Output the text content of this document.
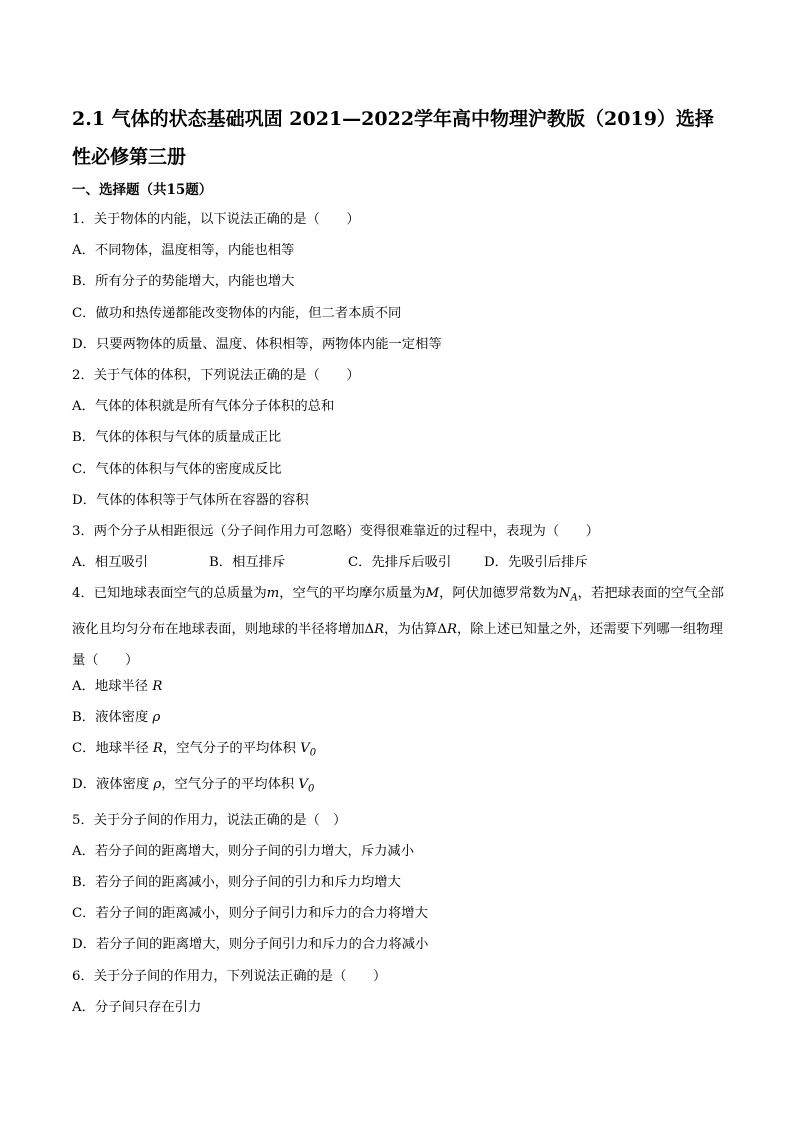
2.1 气体的状态基础巩固 2021—2022学年高中物理沪教版（2019）选择性必修第三册
一、选择题（共15题）
1．关于物体的内能，以下说法正确的是（　　）
A．不同物体，温度相等，内能也相等
B．所有分子的势能增大，内能也增大
C．做功和热传递都能改变物体的内能，但二者本质不同
D．只要两物体的质量、温度、体积相等，两物体内能一定相等
2．关于气体的体积，下列说法正确的是（　　）
A．气体的体积就是所有气体分子体积的总和
B．气体的体积与气体的质量成正比
C．气体的体积与气体的密度成反比
D．气体的体积等于气体所在容器的容积
3．两个分子从相距很远（分子间作用力可忽略）变得很难靠近的过程中，表现为（　　）
A．相互吸引	B．相互排斥	C．先排斥后吸引 D．先吸引后排斥
4．已知地球表面空气的总质量为m，空气的平均摩尔质量为M，阿伏加德罗常数为$N_A$，若把球表面的空气全部液化且均匀分布在地球表面，则地球的半径将增加ΔR，为估算ΔR，除上述已知量之外，还需要下列哪一组物理量（　　）
A．地球半径 R
B．液体密度 ρ
C．地球半径 R，空气分子的平均体积 $V_0$
D．液体密度 ρ，空气分子的平均体积 $V_0$
5．关于分子间的作用力，说法正确的是（　）
A．若分子间的距离增大，则分子间的引力增大，斥力减小
B．若分子间的距离减小，则分子间的引力和斥力均增大
C．若分子间的距离减小，则分子间引力和斥力的合力将增大
D．若分子间的距离增大，则分子间引力和斥力的合力将减小
6．关于分子间的作用力，下列说法正确的是（　　）
A．分子间只存在引力
